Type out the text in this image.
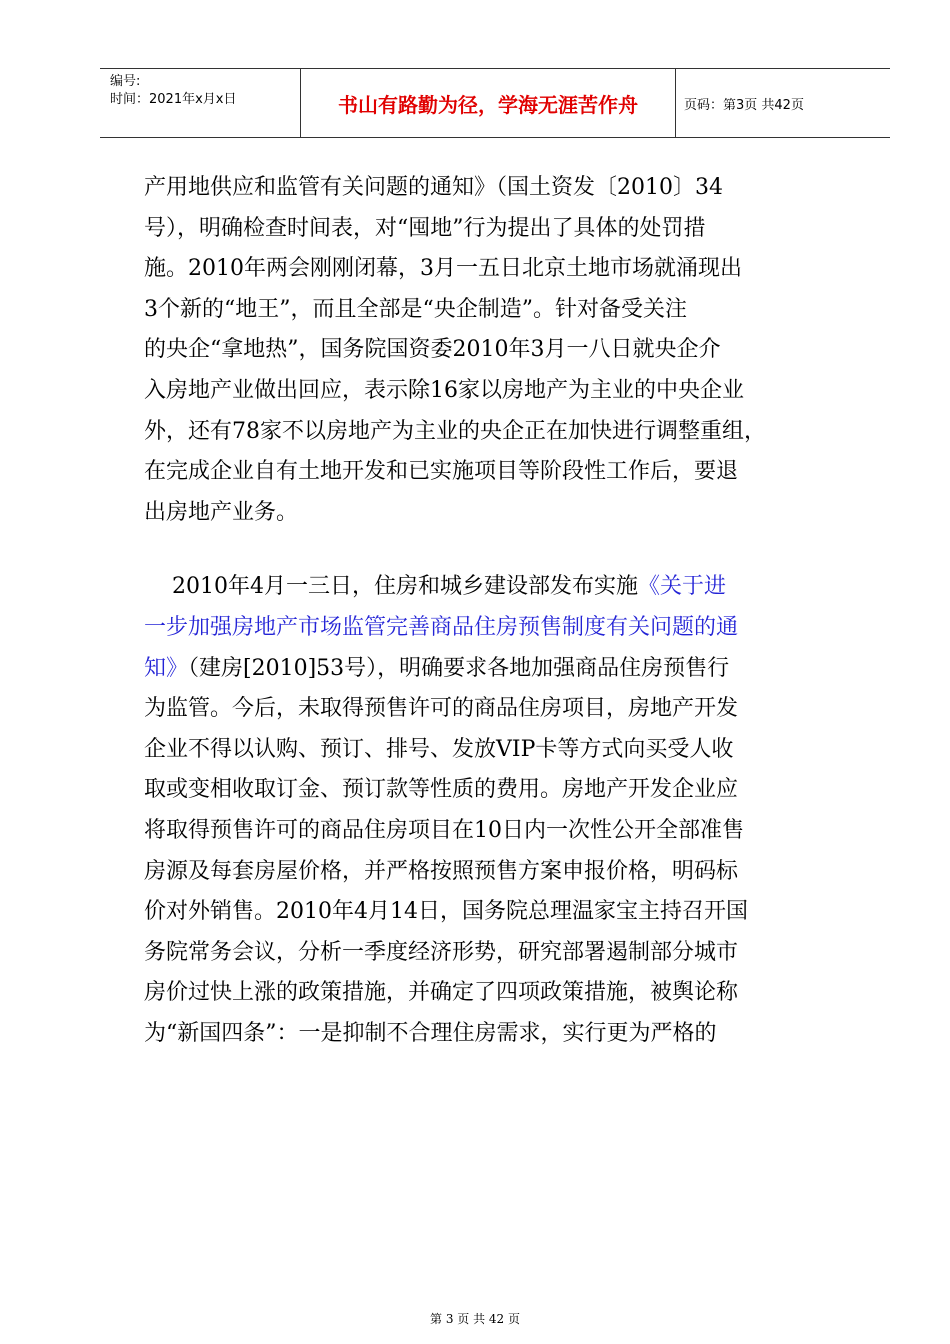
编号:
时间：2021年x月x日	书山有路勤为径，学海无涯苦作舟	页码：第3页 共42页
产用地供应和监管有关问题的通知》（国土资发〔2010〕34
号），明确检查时间表，对“囤地”行为提出了具体的处罚措
施。2010年两会刚刚闭幕，3月一五日北京土地市场就涌现出
3个新的“地王”，而且全部是“央企制造”。针对备受关注
的央企“拿地热”，国务院国资委2010年3月一八日就央企介
入房地产业做出回应，表示除16家以房地产为主业的中央企业
外，还有78家不以房地产为主业的央企正在加快进行调整重组，
在完成企业自有土地开发和已实施项目等阶段性工作后，要退
出房地产业务。
2010年4月一三日，住房和城乡建设部发布实施《关于进
一步加强房地产市场监管完善商品住房预售制度有关问题的通
知》（建房[2010]53号），明确要求各地加强商品住房预售行
为监管。今后，未取得预售许可的商品住房项目，房地产开发
企业不得以认购、预订、排号、发放VIP卡等方式向买受人收
取或变相收取订金、预订款等性质的费用。房地产开发企业应
将取得预售许可的商品住房项目在10日内一次性公开全部准售
房源及每套房屋价格，并严格按照预售方案申报价格，明码标
价对外销售。2010年4月14日，国务院总理温家宝主持召开国
务院常务会议，分析一季度经济形势，研究部署遏制部分城市
房价过快上涨的政策措施，并确定了四项政策措施，被舆论称
为“新国四条”：一是抑制不合理住房需求，实行更为严格的
第 3 页 共 42 页
